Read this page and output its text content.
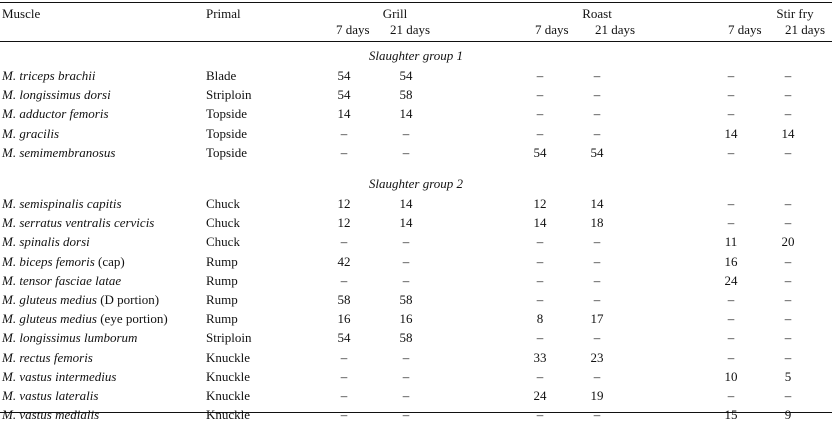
Muscle	Primal	Grill	Roast	Stir fry
7 days 21 days	7 days 21 days	7 days 21 days
Slaughter group 1
M. triceps brachii	Blade	54	54	–	–	–	–
M. longissimus dorsi	Striploin	54	58	–	–	–	–
M. adductor femoris	Topside	14	14	–	–	–	–
M. gracilis	Topside	–	–	–	–	14	14
M. semimembranosus	Topside	–	–	54	54	–	–
Slaughter group 2
M. semispinalis capitis	Chuck	12	14	12	14	–	–
M. serratus ventralis cervicis	Chuck	12	14	14	18	–	–
M. spinalis dorsi	Chuck	–	–	–	–	11	20
M. biceps femoris (cap)	Rump	42	–	–	–	16	–
M. tensor fasciae latae	Rump	–	–	–	–	24	–
M. gluteus medius (D portion)	Rump	58	58	–	–	–	–
M. gluteus medius (eye portion)	Rump	16	16	8	17	–	–
M. longissimus lumborum	Striploin	54	58	–	–	–	–
M. rectus femoris	Knuckle	–	–	33	23	–	–
M. vastus intermedius	Knuckle	–	–	–	–	10	5
M. vastus lateralis	Knuckle	–	–	24	19	–	–
M. vastus medialis	Knuckle	–	–	–	–	15	9
